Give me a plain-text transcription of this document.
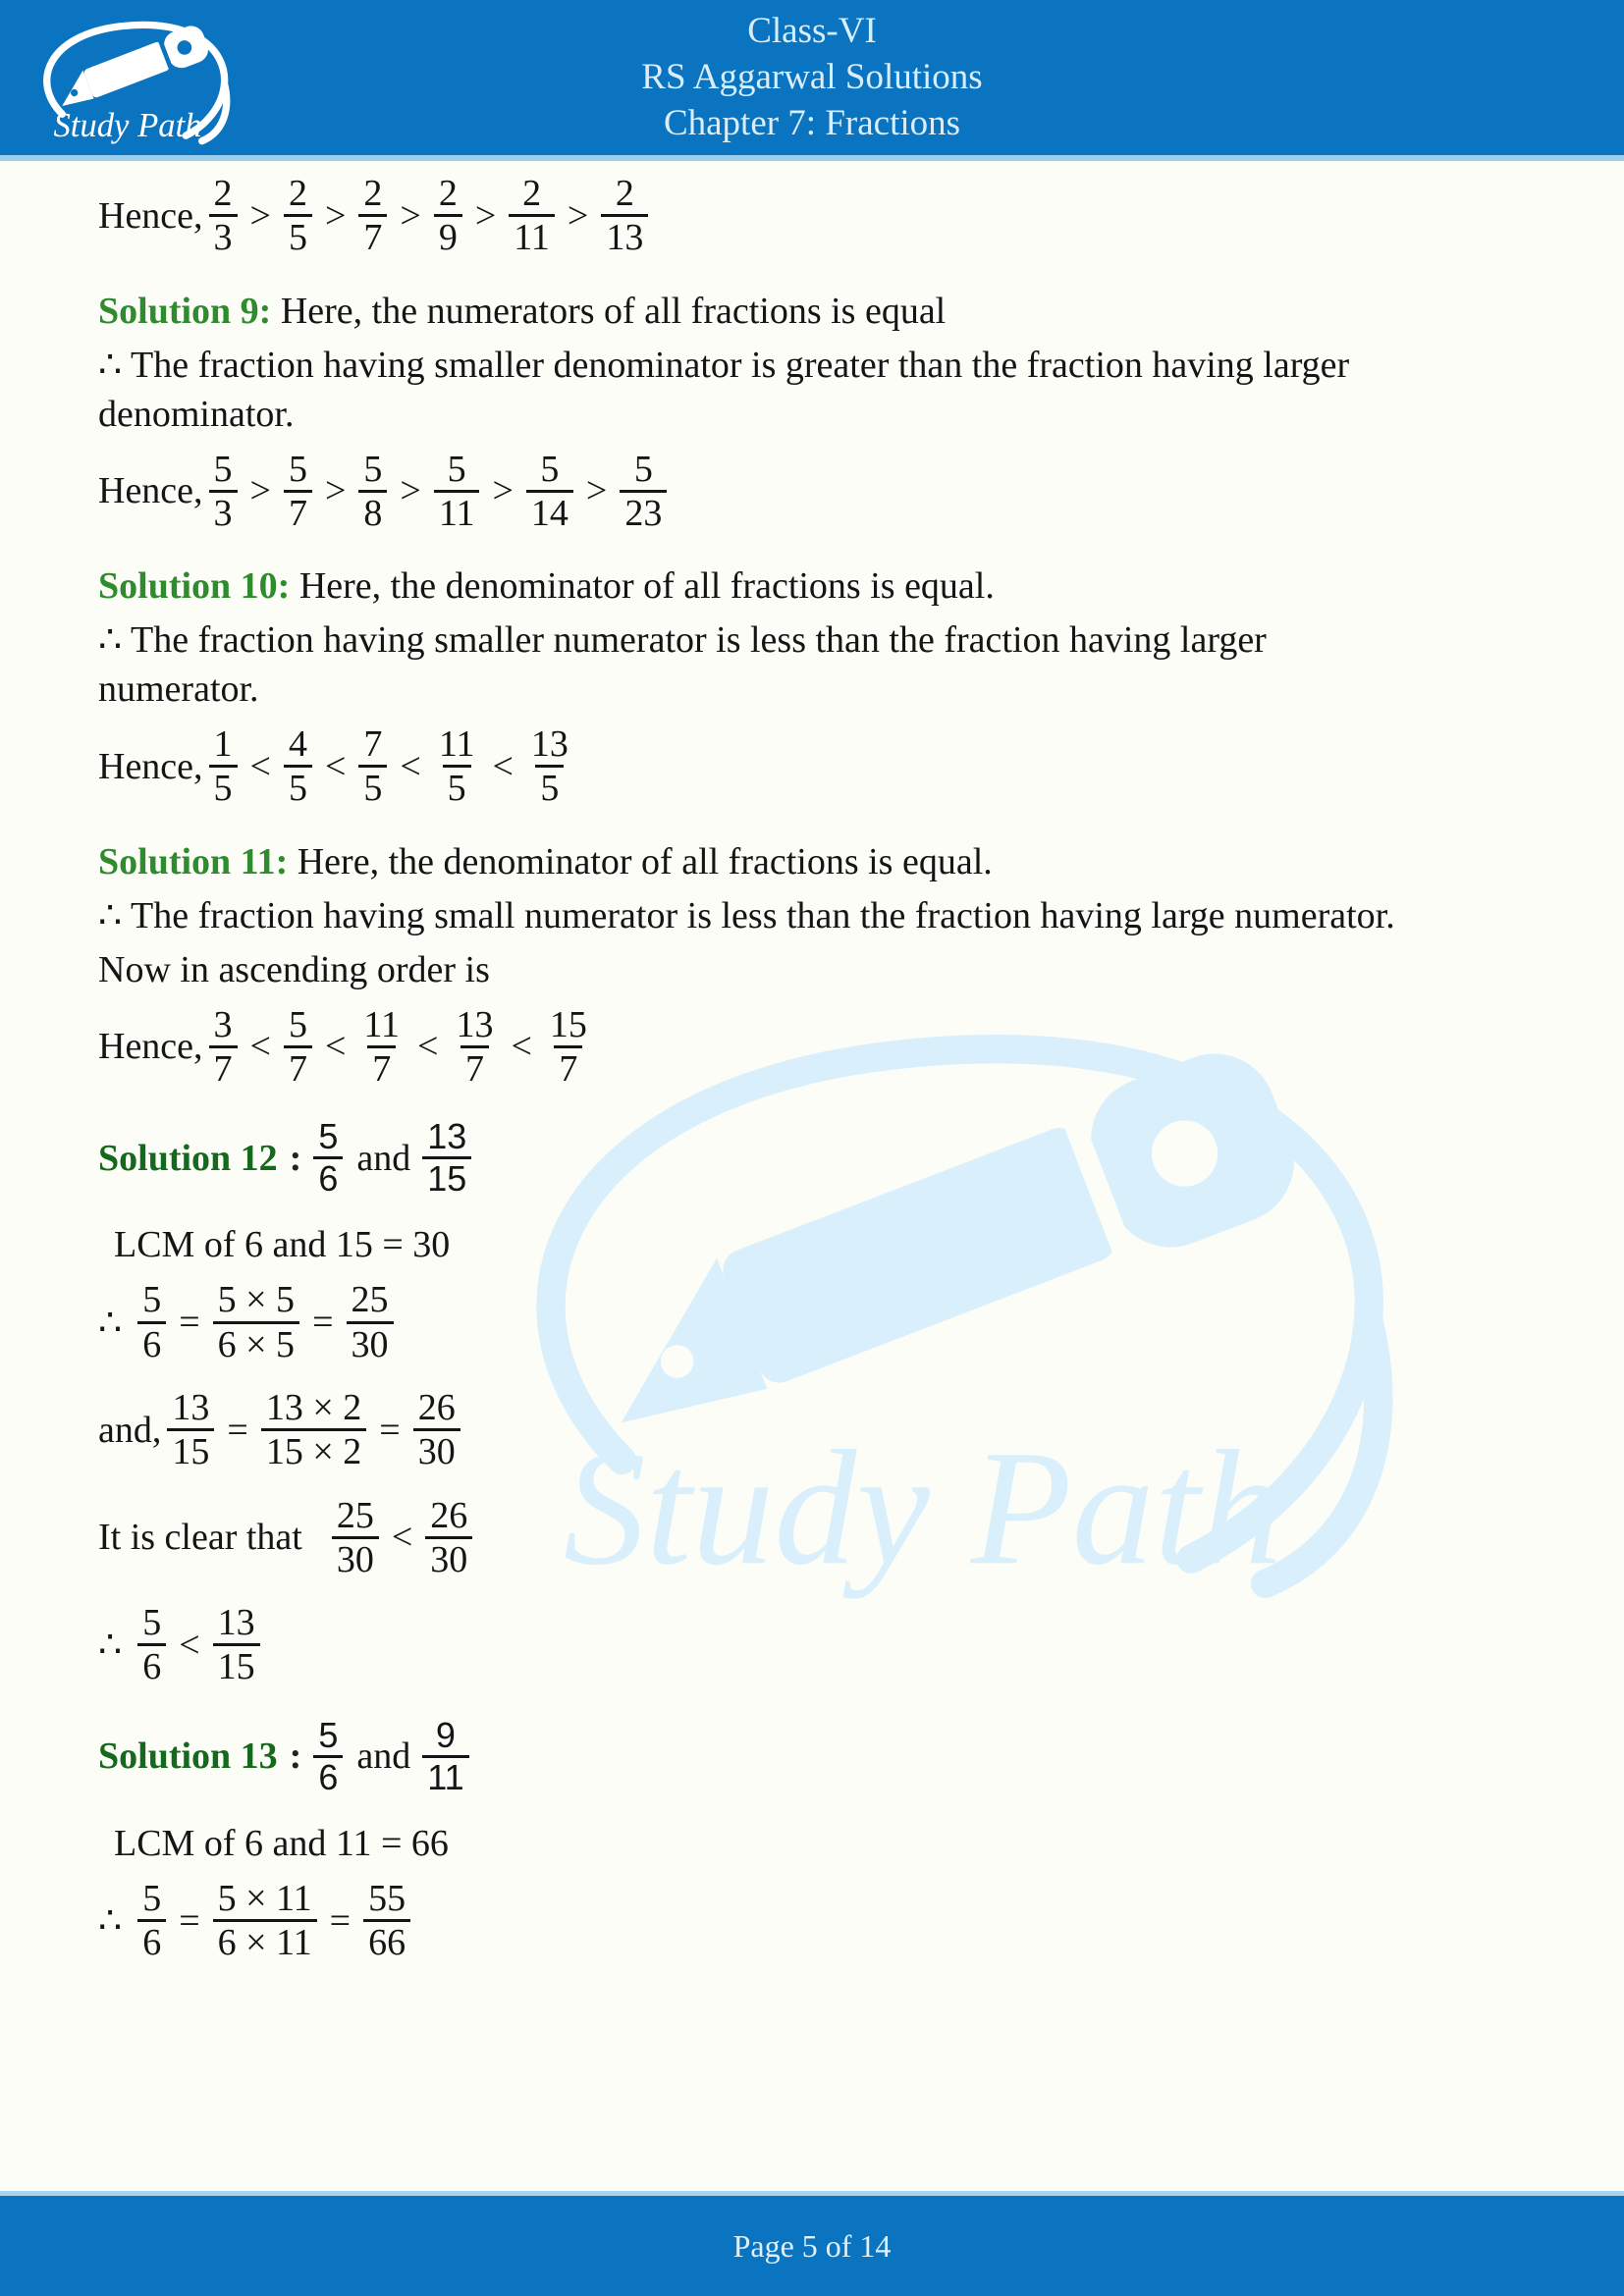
Study Path
Class-VI
RS Aggarwal Solutions
Chapter 7: Fractions
Study Path
Hence, $\frac{2}{3} > \frac{2}{5} > \frac{2}{7} > \frac{2}{9} > \frac{2}{11} > \frac{2}{13}$

Solution 9: Here, the numerators of all fractions is equal

∴ The fraction having smaller denominator is greater than the fraction having larger
denominator.

Hence, $\frac{5}{3} > \frac{5}{7} > \frac{5}{8} > \frac{5}{11} > \frac{5}{14} > \frac{5}{23}$

Solution 10: Here, the denominator of all fractions is equal.

∴ The fraction having smaller numerator is less than the fraction having larger
numerator.

Hence, $\frac{1}{5} < \frac{4}{5} < \frac{7}{5} < \frac{11}{5} < \frac{13}{5}$

Solution 11: Here, the denominator of all fractions is equal.

∴ The fraction having small numerator is less than the fraction having large numerator.

Now in ascending order is

Hence, $\frac{3}{7} < \frac{5}{7} < \frac{11}{7} < \frac{13}{7} < \frac{15}{7}$
Solution 12 : $\frac{5}{6}$ and $\frac{13}{15}$

LCM of 6 and 15 = 30

∴ $\frac{5}{6} = \frac{5 \times 5}{6 \times 5} = \frac{25}{30}$
and, $\frac{13}{15} = \frac{13 \times 2}{15 \times 2} = \frac{26}{30}$
It is clear that $\frac{25}{30} < \frac{26}{30}$
∴ $\frac{5}{6} < \frac{13}{15}$
Solution 13 : $\frac{5}{6}$ and $\frac{9}{11}$

LCM of 6 and 11 = 66

∴ $\frac{5}{6} = \frac{5 \times 11}{6 \times 11} = \frac{55}{66}$
Page 5 of 14
